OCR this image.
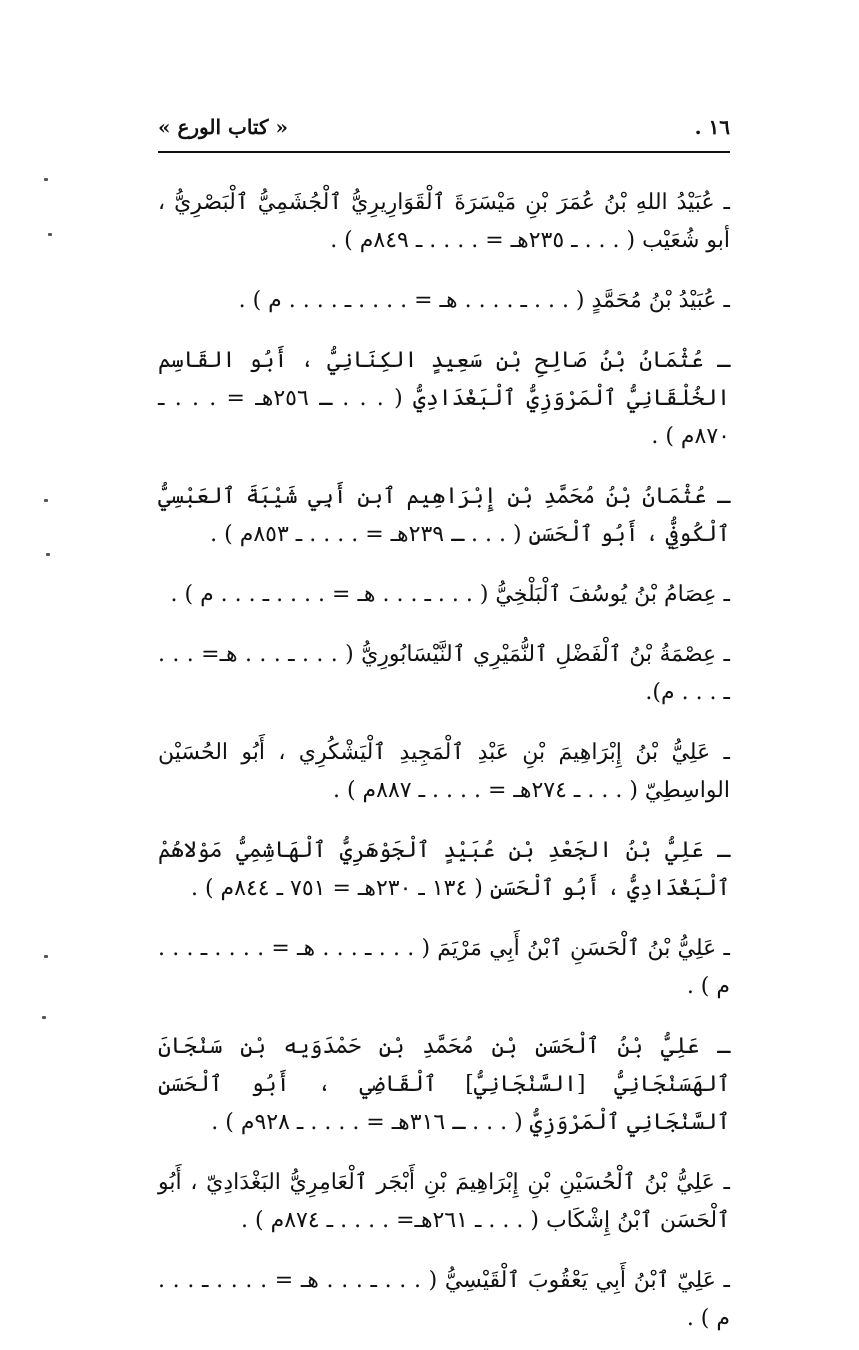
« كتاب الورع »	١٦ .

ـ عُبَيْدُ اللهِ بْنُ عُمَرَ بْنِ مَيْسَرَةَ ٱلْقَوَارِيرِيُّ ٱلْجُشَمِيُّ ٱلْبَصْرِيُّ ، أبو شُعَيْب ( . . . ـ ٢٣٥هـ = . . . . ـ ٨٤٩م ) .

ـ عُبَيْدُ بْنُ مُحَمَّدٍ ( . . . ـ . . . . هـ = . . . . ـ . . . . م ) .

ـ عُثْمَانُ بْنُ صَالِحِ بْنِ سَعِيدٍ الكِنَانِيُّ ، أَبُو القَاسِم الخُلْقَانِيُّ ٱلْمَرْوَزِيُّ ٱلْبَغْدَادِيُّ ( . . . ـ ٢٥٦هـ = . . . ـ ٨٧٠م ) .

ـ عُثْمَانُ بْنُ مُحَمَّدِ بْنِ إِبْرَاهِيم ٱبن أَبِي شَيْبَةَ ٱلعَبْسِيُّ ٱلْكُوفِيُّ ، أَبُو ٱلْحَسَنِ ( . . . ـ ٢٣٩هـ = . . . . ـ ٨٥٣م ) .

ـ عِصَامُ بْنُ يُوسُفَ ٱلْبَلْخِيُّ ( . . . ـ . . . هـ = . . . . ـ . . . م ) .

ـ عِصْمَةُ بْنُ ٱلْفَضْلِ ٱلنُّمَيْرِي ٱلنَّيْسَابُورِيُّ ( . . . ـ . . . هـ= . . . ـ . . . م).

ـ عَلِيُّ بْنُ إِبْرَاهِيمَ بْنِ عَبْدِ ٱلْمَجِيدِ ٱلْيَشْكُرِي ، أَبُو الحُسَيْن الواسِطِيّ ( . . . ـ ٢٧٤هـ = . . . . ـ ٨٨٧م ) .

ـ عَلِيُّ بْنُ الجَعْدِ بْنِ عُبَيْدٍ ٱلْجَوْهَرِيُّ ٱلْهَاشِمِيُّ مَوْلاهُمْ ٱلْبَغْدَادِيُّ ، أَبُو ٱلْحَسَنِ ( ١٣٤ ـ ٢٣٠هـ = ٧٥١ ـ ٨٤٤م ) .

ـ عَلِيُّ بْنُ ٱلْحَسَنِ ٱبْنُ أَبِي مَرْيَمَ ( . . . ـ . . . هـ = . . . . ـ . . . م ) .

ـ عَلِيُّ بْنُ ٱلْحَسَنِ بْنِ مُحَمَّدِ بْنِ حَمْدَوَيه بْنِ سَنْجَانَ ٱلهَسَنْجَانِيُّ [السَّنْجَانِيُّ] ٱلْقَاضِي ، أَبُو ٱلْحَسَنِ ٱلسَّنْجَانِي ٱلْمَرْوَزِيُّ ( . . . ـ ٣١٦هـ = . . . . ـ ٩٢٨م ) .

ـ عَلِيُّ بْنُ ٱلْحُسَيْنِ بْنِ إِبْرَاهِيمَ بْنِ أَبْجَر ٱلْعَامِرِيُّ البَغْدَادِيّ ، أَبُو ٱلْحَسَن ٱبْنُ إِشْكَاب ( . . . ـ ٢٦١هـ= . . . . ـ ٨٧٤م ) .

ـ عَلِيّ ٱبْنُ أَبِي يَعْقُوبَ ٱلْقَيْسِيُّ ( . . . ـ . . . هـ = . . . . ـ . . . م ) .
